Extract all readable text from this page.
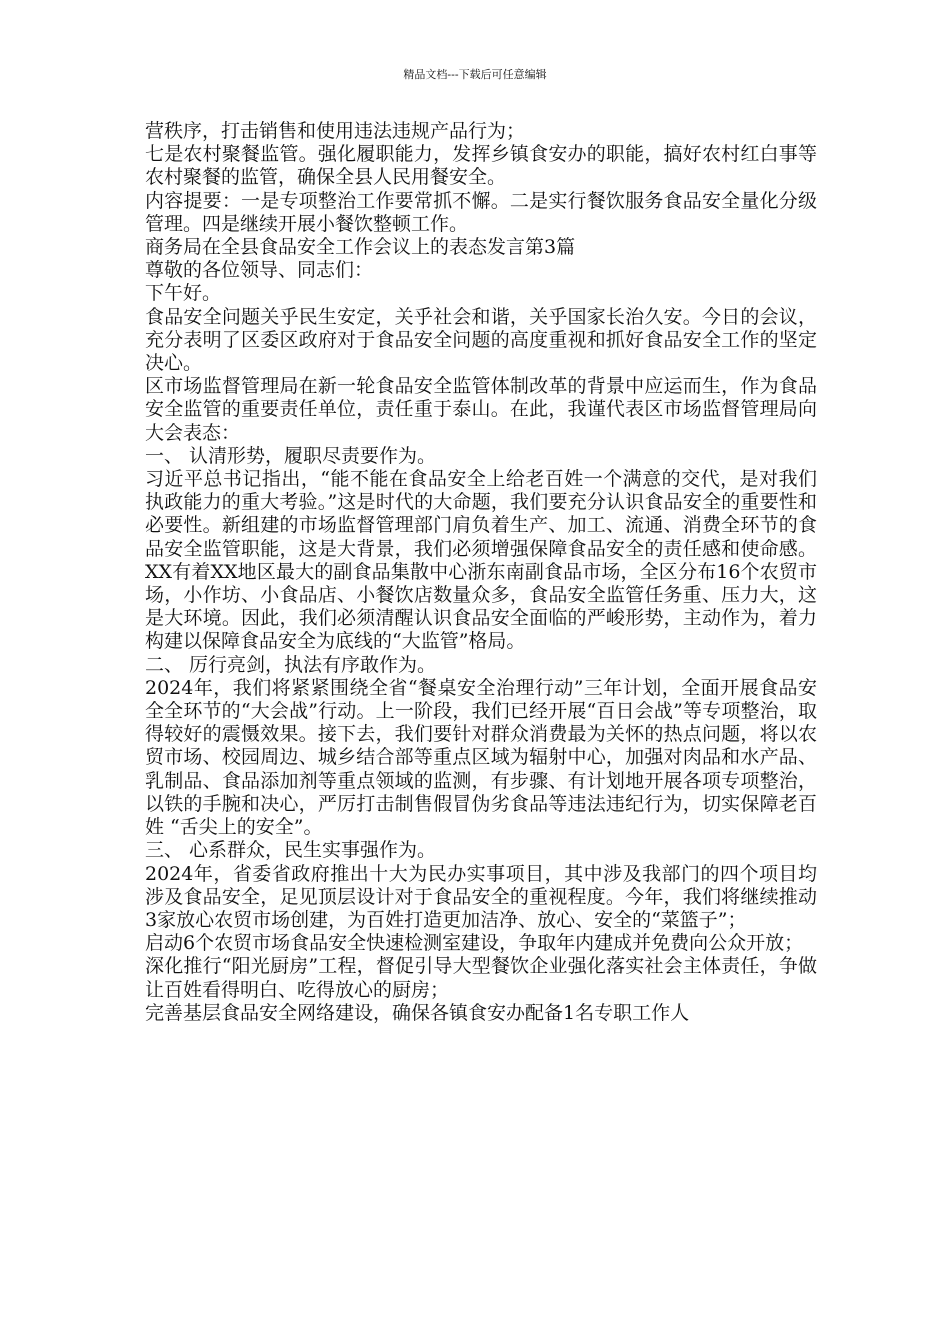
精品文档---下载后可任意编辑

营秩序，打击销售和使用违法违规产品行为；

七是农村聚餐监管。强化履职能力，发挥乡镇食安办的职能，搞好农村红白事等农村聚餐的监管，确保全县人民用餐安全。

内容提要：一是专项整治工作要常抓不懈。二是实行餐饮服务食品安全量化分级管理。四是继续开展小餐饮整顿工作。

商务局在全县食品安全工作会议上的表态发言第3篇

尊敬的各位领导、同志们：

下午好。

食品安全问题关乎民生安定，关乎社会和谐，关乎国家长治久安。今日的会议，充分表明了区委区政府对于食品安全问题的高度重视和抓好食品安全工作的坚定决心。

区市场监督管理局在新一轮食品安全监管体制改革的背景中应运而生，作为食品安全监管的重要责任单位，责任重于泰山。在此，我谨代表区市场监督管理局向大会表态：

一、 认清形势，履职尽责要作为。

习近平总书记指出，“能不能在食品安全上给老百姓一个满意的交代，是对我们执政能力的重大考验。”这是时代的大命题，我们要充分认识食品安全的重要性和必要性。新组建的市场监督管理部门肩负着生产、加工、流通、消费全环节的食品安全监管职能，这是大背景，我们必须增强保障食品安全的责任感和使命感。XX有着XX地区最大的副食品集散中心浙东南副食品市场，全区分布16个农贸市场，小作坊、小食品店、小餐饮店数量众多，食品安全监管任务重、压力大，这是大环境。因此，我们必须清醒认识食品安全面临的严峻形势，主动作为，着力构建以保障食品安全为底线的“大监管”格局。

二、 厉行亮剑，执法有序敢作为。

2024年，我们将紧紧围绕全省“餐桌安全治理行动”三年计划，全面开展食品安全全环节的“大会战”行动。上一阶段，我们已经开展“百日会战”等专项整治，取得较好的震慑效果。接下去，我们要针对群众消费最为关怀的热点问题，将以农贸市场、校园周边、城乡结合部等重点区域为辐射中心，加强对肉品和水产品、乳制品、食品添加剂等重点领域的监测，有步骤、有计划地开展各项专项整治，以铁的手腕和决心，严厉打击制售假冒伪劣食品等违法违纪行为，切实保障老百姓 “舌尖上的安全”。

三、 心系群众，民生实事强作为。

2024年，省委省政府推出十大为民办实事项目，其中涉及我部门的四个项目均涉及食品安全，足见顶层设计对于食品安全的重视程度。今年，我们将继续推动3家放心农贸市场创建，为百姓打造更加洁净、放心、安全的“菜篮子”；

启动6个农贸市场食品安全快速检测室建设，争取年内建成并免费向公众开放；

深化推行“阳光厨房”工程，督促引导大型餐饮企业强化落实社会主体责任，争做让百姓看得明白、吃得放心的厨房；

完善基层食品安全网络建设，确保各镇食安办配备1名专职工作人
